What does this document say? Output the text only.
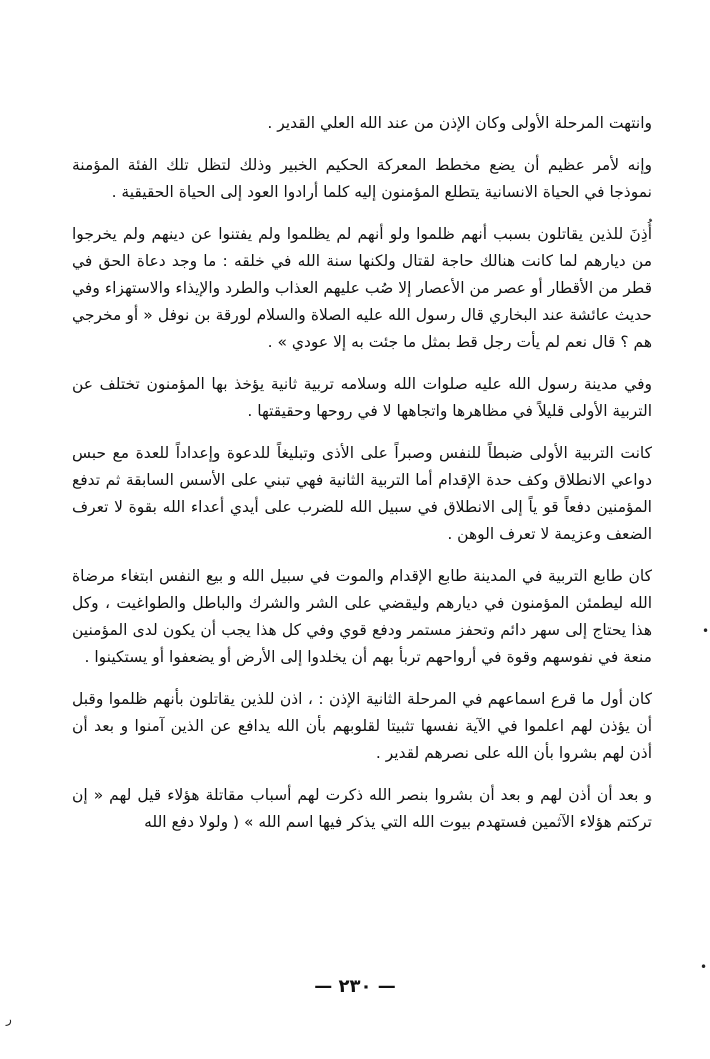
وانتهت المرحلة الأولى وكان الإذن من عند الله العلي القدير .

وإنه لأمر عظيم أن يضع مخطط المعركة الحكيم الخبير وذلك لتظل تلك الفئة المؤمنة نموذجا في الحياة الانسانية يتطلع المؤمنون إليه كلما أرادوا العود إلى الحياة الحقيقية .

أُذِنَ للذين يقاتلون بسبب أنهم ظلموا ولو أنهم لم يظلموا ولم يفتنوا عن دينهم ولم يخرجوا من ديارهم لما كانت هنالك حاجة لقتال ولكنها سنة الله في خلقه : ما وجد دعاة الحق في قطر من الأقطار أو عصر من الأعصار إلا صُب عليهم العذاب والطرد والإيذاء والاستهزاء وفي حديث عائشة عند البخاري قال رسول الله عليه الصلاة والسلام لورقة بن نوفل « أو مخرجي هم ؟ قال نعم لم يأت رجل قط بمثل ما جئت به إلا عودي » .

وفي مدينة رسول الله عليه صلوات الله وسلامه تربية ثانية يؤخذ بها المؤمنون تختلف عن التربية الأولى قليلاً في مظاهرها واتجاهها لا في روحها وحقيقتها .

كانت التربية الأولى ضبطاً للنفس وصبراً على الأذى وتبليغاً للدعوة وإعداداً للعدة مع حبس دواعي الانطلاق وكف حدة الإقدام أما التربية الثانية فهي تبني على الأسس السابقة ثم تدفع المؤمنين دفعاً قو ياً إلى الانطلاق في سبيل الله للضرب على أيدي أعداء الله بقوة لا تعرف الضعف وعزيمة لا تعرف الوهن .

كان طابع التربية في المدينة طابع الإقدام والموت في سبيل الله و بيع النفس ابتغاء مرضاة الله ليطمئن المؤمنون في ديارهم وليقضي على الشر والشرك والباطل والطواغيت ، وكل هذا يحتاج إلى سهر دائم وتحفز مستمر ودفع قوي وفي كل هذا يجب أن يكون لدى المؤمنين منعة في نفوسهم وقوة في أرواحهم تربأ بهم أن يخلدوا إلى الأرض أو يضعفوا أو يستكينوا .

كان أول ما قرع اسماعهم في المرحلة الثانية الإذن : ، اذن للذين يقاتلون بأنهم ظلموا وقبل أن يؤذن لهم اعلموا في الآية نفسها تثبيتا لقلوبهم بأن الله يدافع عن الذين آمنوا و بعد أن أذن لهم بشروا بأن الله على نصرهم لقدير .

و بعد أن أذن لهم و بعد أن بشروا بنصر الله ذكرت لهم أسباب مقاتلة هؤلاء قيل لهم « إن تركتم هؤلاء الآثمين فستهدم بيوت الله التي يذكر فيها اسم الله » ( ولولا دفع الله

— ٢٣٠ —
•
•
ر
